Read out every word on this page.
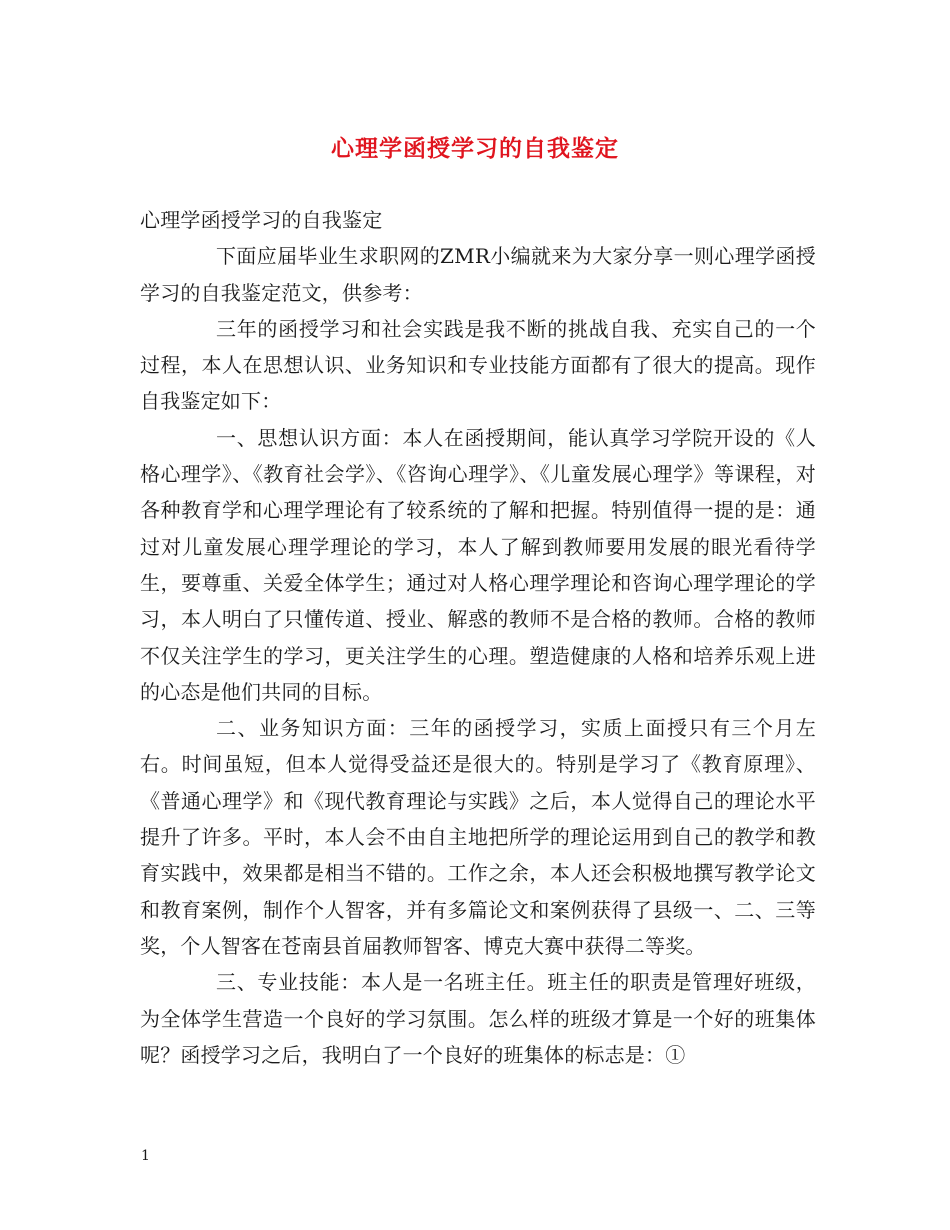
心理学函授学习的自我鉴定

心理学函授学习的自我鉴定

下面应届毕业生求职网的ZMR小编就来为大家分享一则心理学函授学习的自我鉴定范文，供参考：

三年的函授学习和社会实践是我不断的挑战自我、充实自己的一个过程，本人在思想认识、业务知识和专业技能方面都有了很大的提高。现作自我鉴定如下：

一、思想认识方面：本人在函授期间，能认真学习学院开设的《人格心理学》、《教育社会学》、《咨询心理学》、《儿童发展心理学》等课程，对各种教育学和心理学理论有了较系统的了解和把握。特别值得一提的是：通过对儿童发展心理学理论的学习，本人了解到教师要用发展的眼光看待学生，要尊重、关爱全体学生；通过对人格心理学理论和咨询心理学理论的学习，本人明白了只懂传道、授业、解惑的教师不是合格的教师。合格的教师不仅关注学生的学习，更关注学生的心理。塑造健康的人格和培养乐观上进的心态是他们共同的目标。

二、业务知识方面：三年的函授学习，实质上面授只有三个月左右。时间虽短，但本人觉得受益还是很大的。特别是学习了《教育原理》、《普通心理学》和《现代教育理论与实践》之后，本人觉得自己的理论水平提升了许多。平时，本人会不由自主地把所学的理论运用到自己的教学和教育实践中，效果都是相当不错的。工作之余，本人还会积极地撰写教学论文和教育案例，制作个人智客，并有多篇论文和案例获得了县级一、二、三等奖，个人智客在苍南县首届教师智客、博克大赛中获得二等奖。

三、专业技能：本人是一名班主任。班主任的职责是管理好班级，为全体学生营造一个良好的学习氛围。怎么样的班级才算是一个好的班集体呢？函授学习之后，我明白了一个良好的班集体的标志是：①

1
